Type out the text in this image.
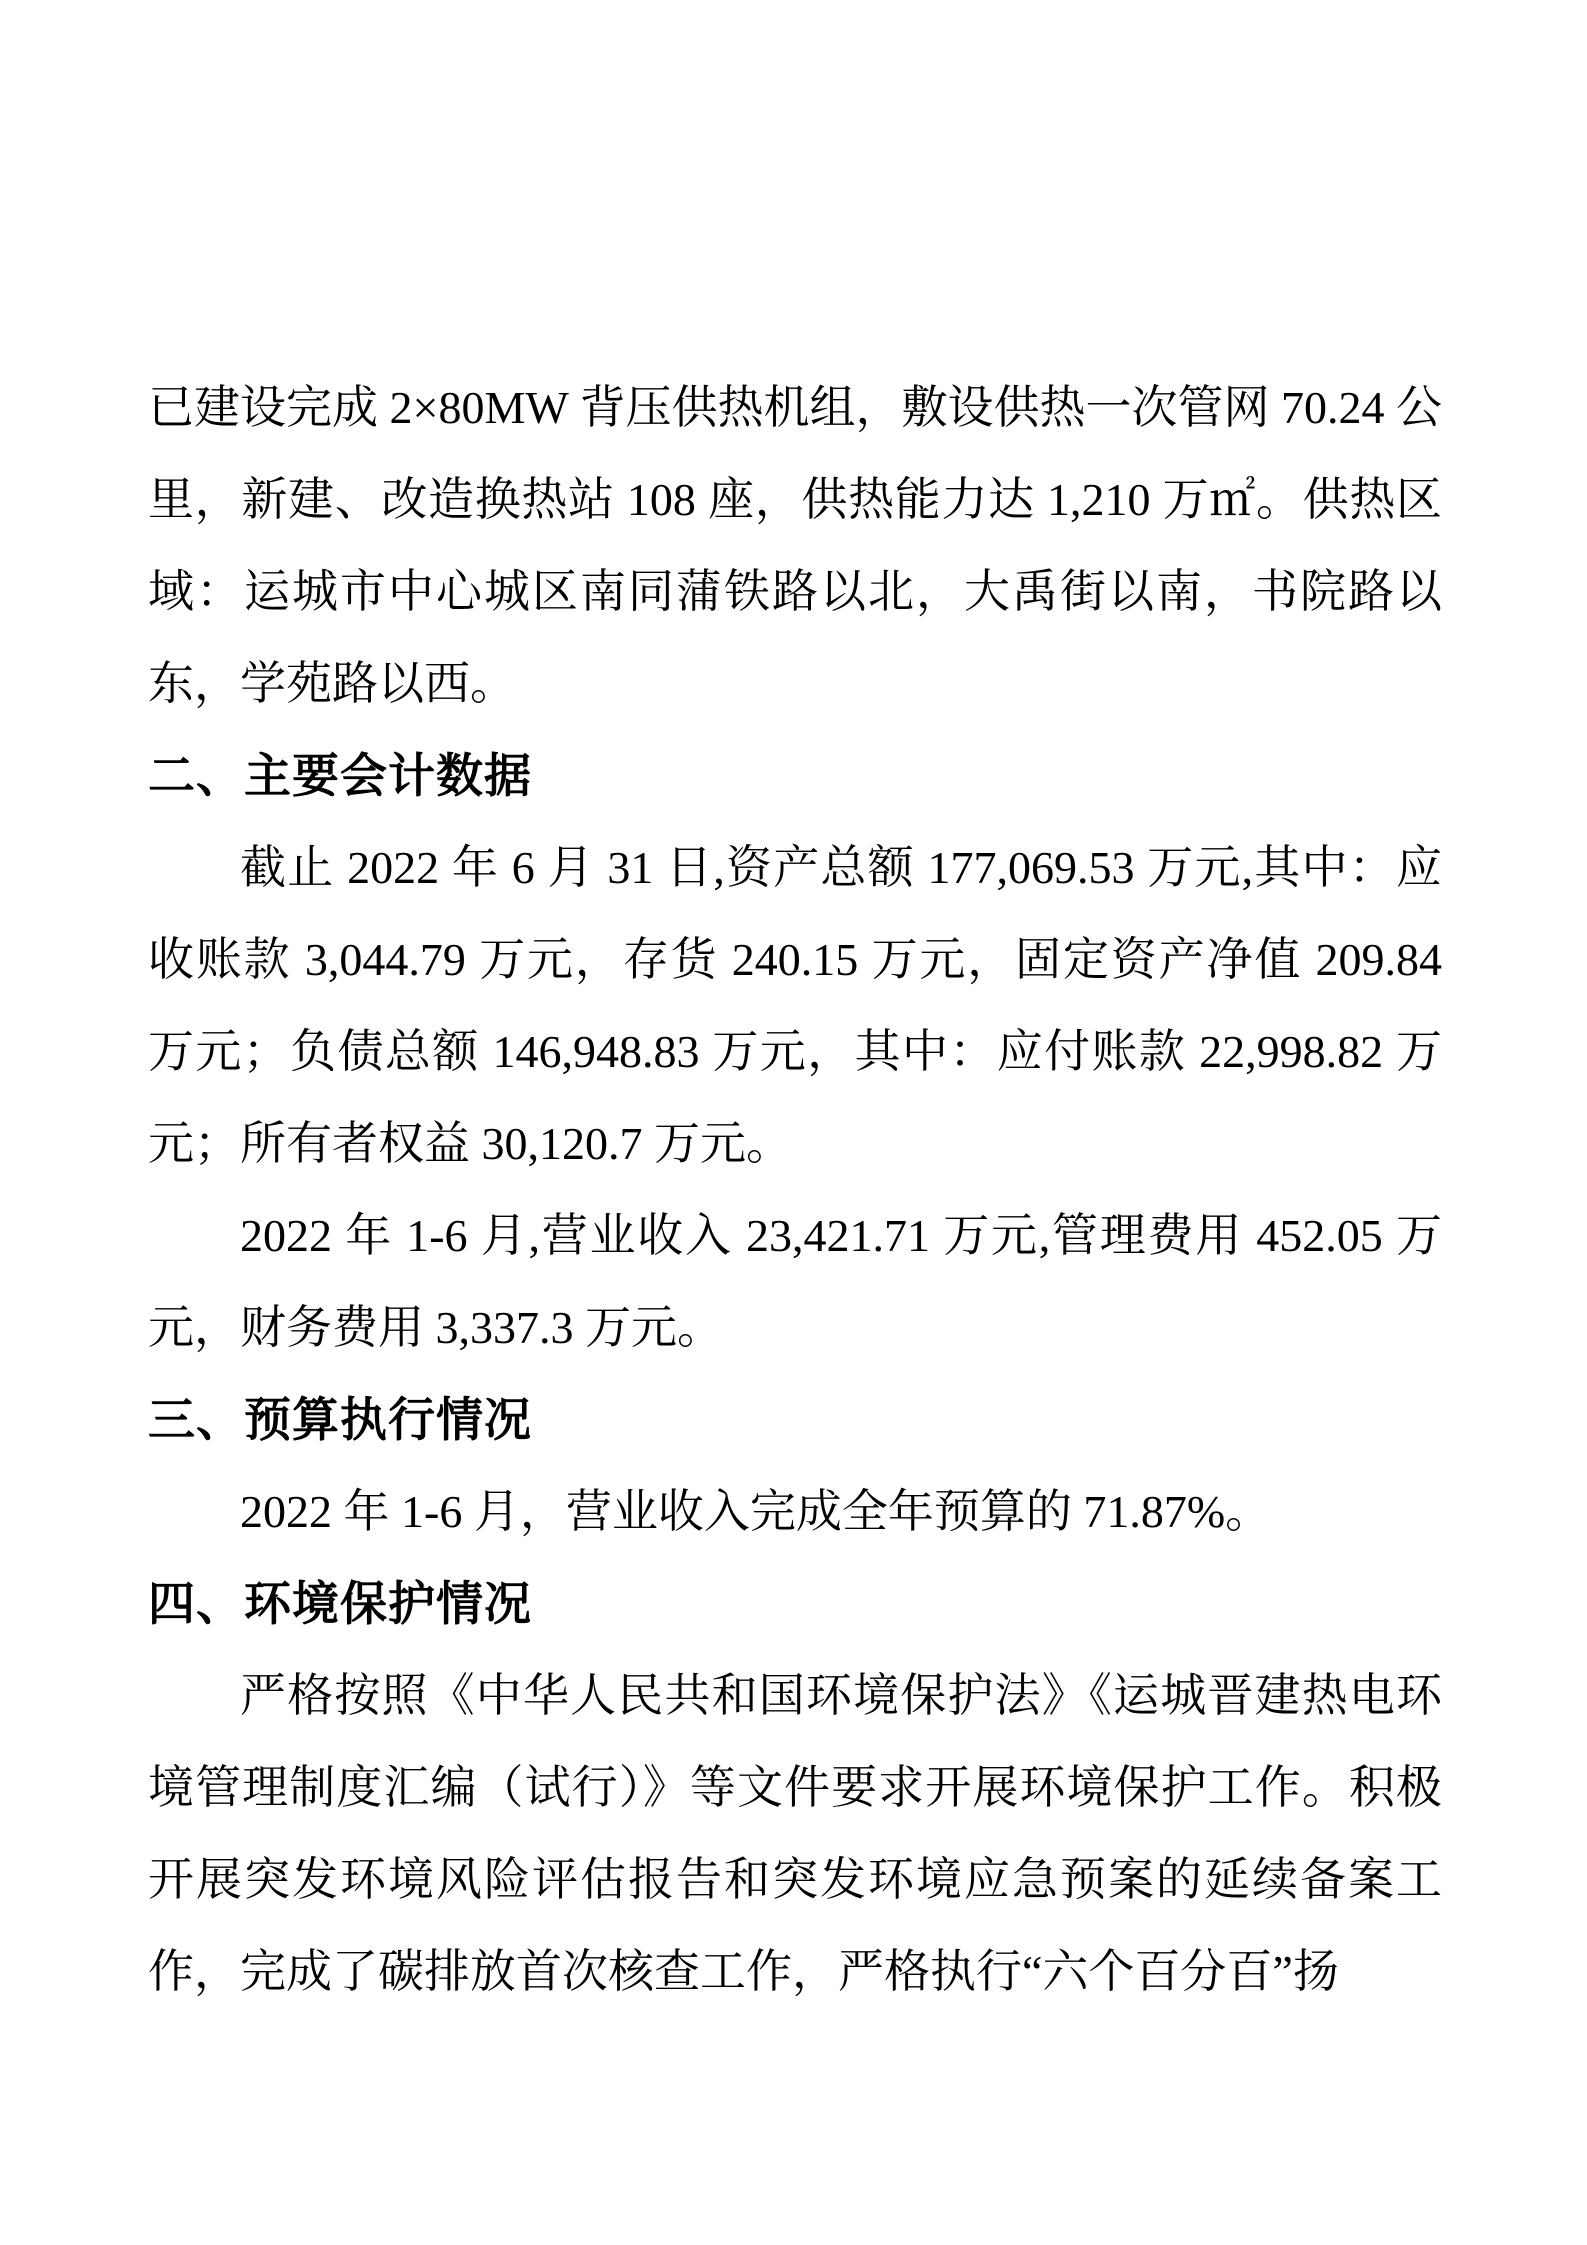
已建设完成 2×80MW 背压供热机组，敷设供热一次管网 70.24 公里，新建、改造换热站 108 座，供热能力达 1,210 万㎡。供热区域：运城市中心城区南同蒲铁路以北，大禹街以南，书院路以东，学苑路以西。

二、主要会计数据

截止 2022 年 6 月 31 日,资产总额 177,069.53 万元,其中：应收账款 3,044.79 万元，存货 240.15 万元，固定资产净值 209.84 万元；负债总额 146,948.83 万元，其中：应付账款 22,998.82 万元；所有者权益 30,120.7 万元。

2022 年 1-6 月,营业收入 23,421.71 万元,管理费用 452.05 万元，财务费用 3,337.3 万元。

三、预算执行情况

2022 年 1-6 月，营业收入完成全年预算的 71.87%。

四、环境保护情况

严格按照《中华人民共和国环境保护法》《运城晋建热电环境管理制度汇编（试行）》等文件要求开展环境保护工作。积极开展突发环境风险评估报告和突发环境应急预案的延续备案工作，完成了碳排放首次核查工作，严格执行“六个百分百”扬
